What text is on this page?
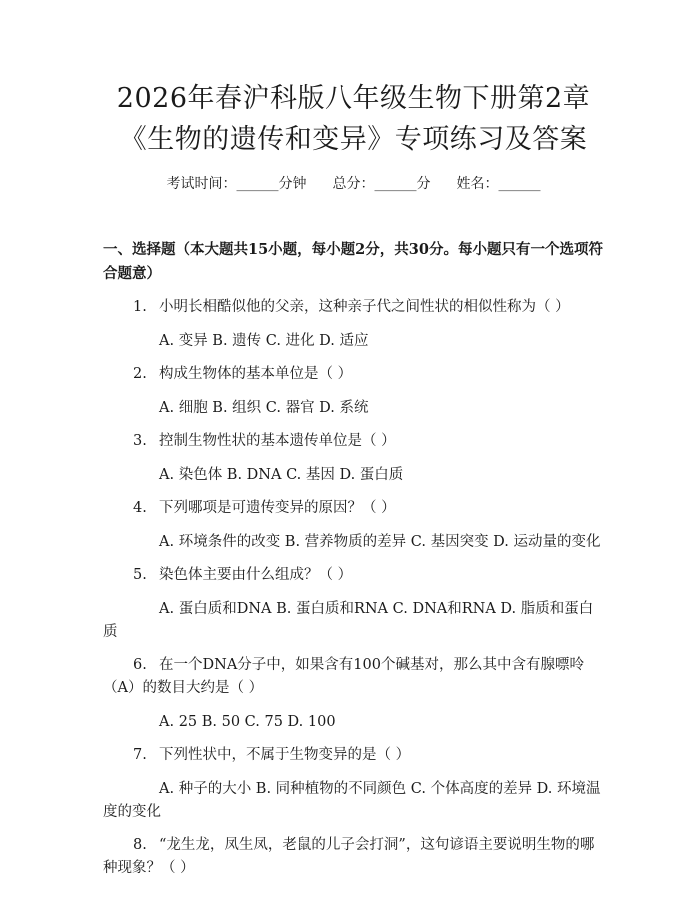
2026年春沪科版八年级生物下册第2章《生物的遗传和变异》专项练习及答案
考试时间：______分钟 总分：______分 姓名：______
一、选择题（本大题共15小题，每小题2分，共30分。每小题只有一个选项符合题意）

1. 小明长相酷似他的父亲，这种亲子代之间性状的相似性称为（ ）

A. 变异 B. 遗传 C. 进化 D. 适应

2. 构成生物体的基本单位是（ ）

A. 细胞 B. 组织 C. 器官 D. 系统

3. 控制生物性状的基本遗传单位是（ ）

A. 染色体 B. DNA C. 基因 D. 蛋白质

4. 下列哪项是可遗传变异的原因？（ ）

A. 环境条件的改变 B. 营养物质的差异 C. 基因突变 D. 运动量的变化

5. 染色体主要由什么组成？（ ）

A. 蛋白质和DNA B. 蛋白质和RNA C. DNA和RNA D. 脂质和蛋白质

6. 在一个DNA分子中，如果含有100个碱基对，那么其中含有腺嘌呤（A）的数目大约是（ ）

A. 25 B. 50 C. 75 D. 100

7. 下列性状中，不属于生物变异的是（ ）

A. 种子的大小 B. 同种植物的不同颜色 C. 个体高度的差异 D. 环境温度的变化

8. “龙生龙，凤生凤，老鼠的儿子会打洞”，这句谚语主要说明生物的哪种现象？（ ）
